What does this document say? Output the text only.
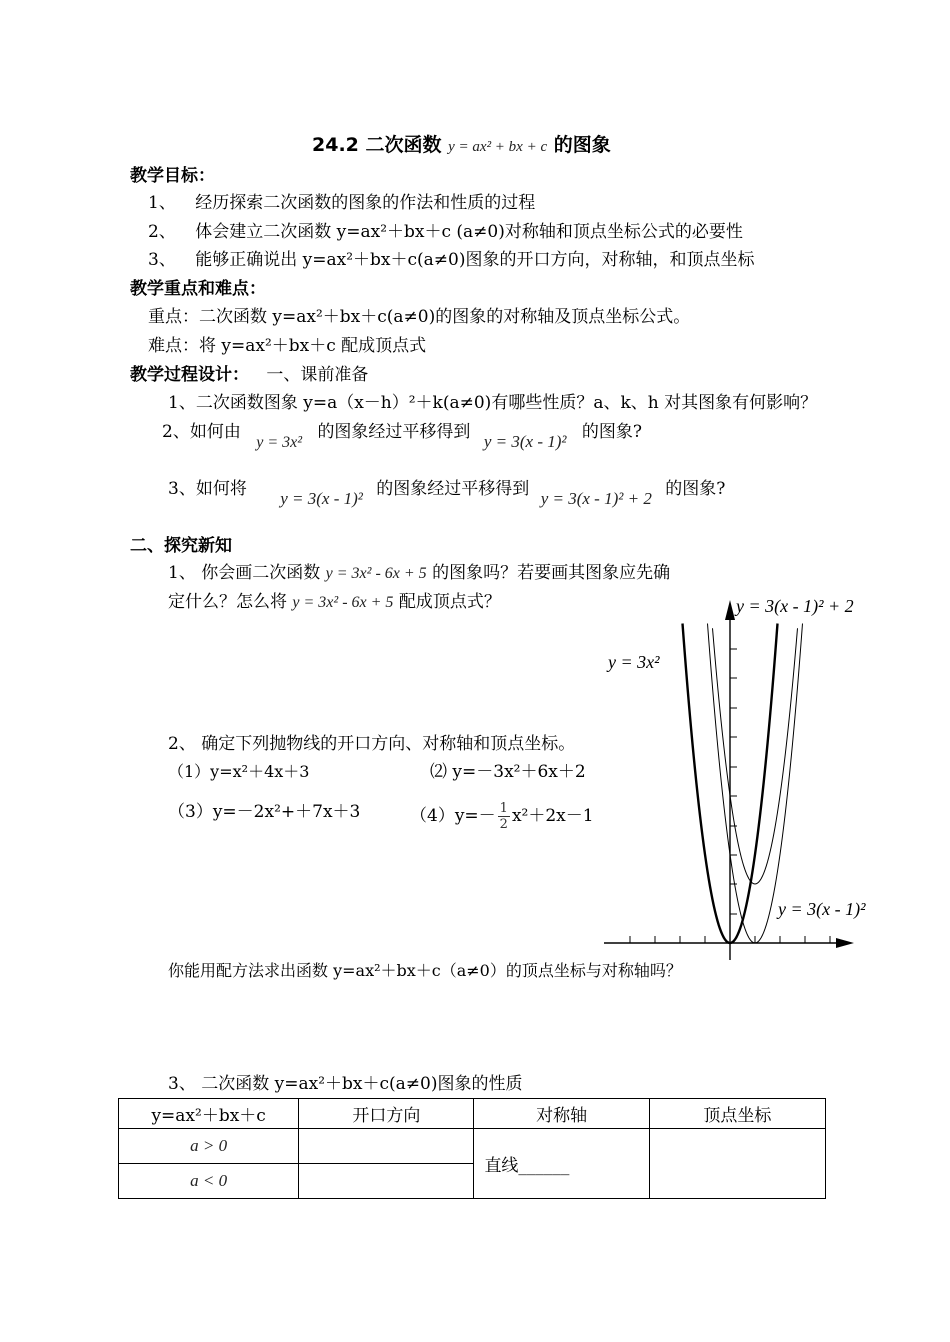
24.2 二次函数 y = ax² + bx + c 的图象
教学目标：
1、 经历探索二次函数的图象的作法和性质的过程
2、 体会建立二次函数 y=ax²＋bx＋c (a≠0)对称轴和顶点坐标公式的必要性
3、 能够正确说出 y=ax²＋bx＋c(a≠0)图象的开口方向，对称轴，和顶点坐标
教学重点和难点：
重点：二次函数 y=ax²＋bx＋c(a≠0)的图象的对称轴及顶点坐标公式。
难点：将 y=ax²＋bx＋c 配成顶点式
教学过程设计： 一、课前准备
1、二次函数图象 y=a（x－h）²＋k(a≠0)有哪些性质？a、k、h 对其图象有何影响？
2、如何由 y = 3x² 的图象经过平移得到 y = 3(x - 1)² 的图象?
3、如何将 y = 3(x - 1)² 的图象经过平移得到 y = 3(x - 1)² + 2 的图象?
二、探究新知
1、 你会画二次函数 y = 3x² - 6x + 5 的图象吗？若要画其图象应先确
定什么？怎么将 y = 3x² - 6x + 5 配成顶点式？
2、 确定下列抛物线的开口方向、对称轴和顶点坐标。
（1）y=x²＋4x＋3	⑵ y=－3x²＋6x＋2
（3）y=－2x²+＋7x＋3	$(4)y=- \frac{1}{2} x^2+2x-1$
你能用配方法求出函数 y=ax²＋bx＋c（a≠0）的顶点坐标与对称轴吗？
3、 二次函数 y=ax²＋bx＋c(a≠0)图象的性质
y = 3(x - 1)² + 2
y = 3x²
y = 3(x - 1)²
y=ax²＋bx＋c	开口方向	对称轴	顶点坐标
a > 0		直线______	
a < 0			
